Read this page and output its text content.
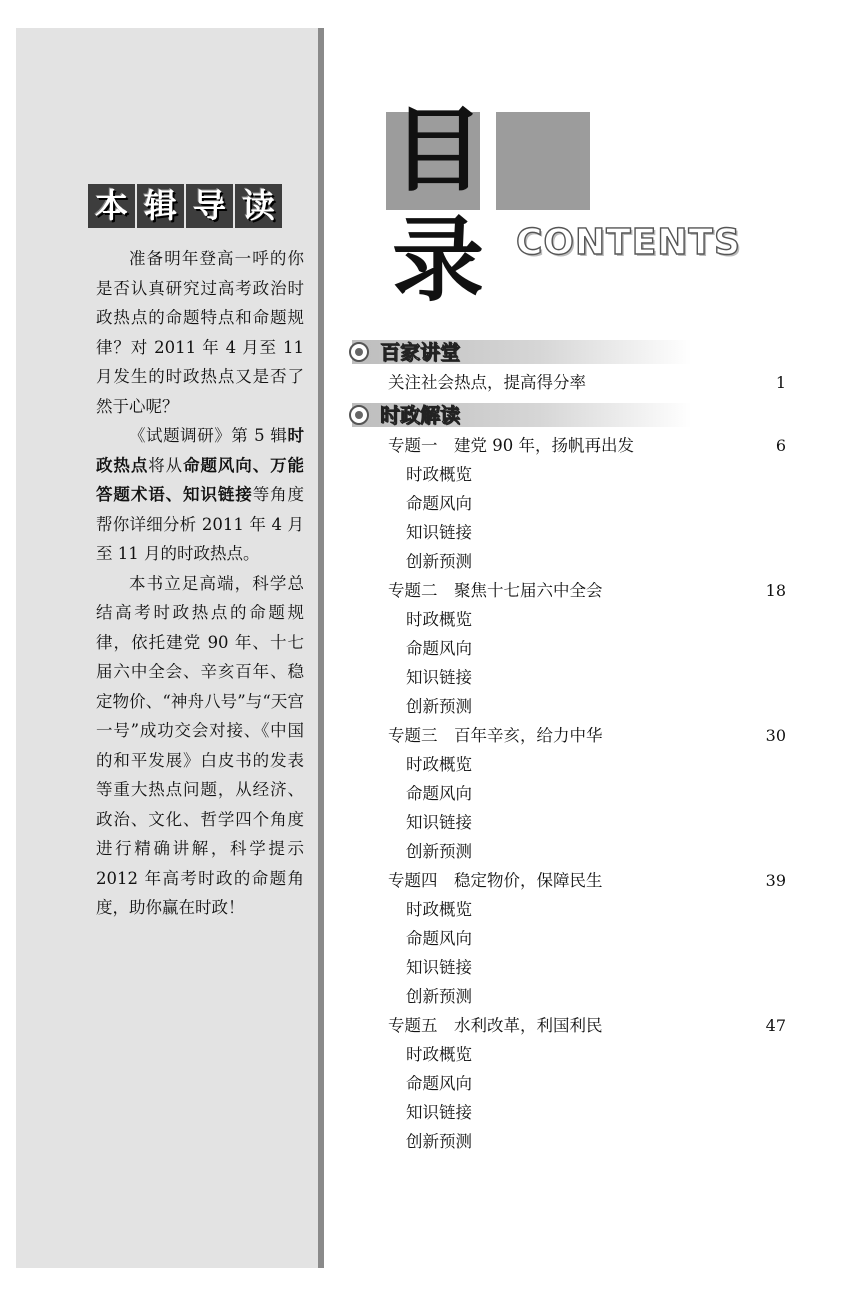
本 辑 导 读

准备明年登高一呼的你是否认真研究过高考政治时政热点的命题特点和命题规律？对 2011 年 4 月至 11 月发生的时政热点又是否了然于心呢？

《试题调研》第 5 辑时政热点将从命题风向、万能答题术语、知识链接等角度帮你详细分析 2011 年 4 月至 11 月的时政热点。

本书立足高端，科学总结高考时政热点的命题规律，依托建党 90 年、十七届六中全会、辛亥百年、稳定物价、“神舟八号”与“天宫一号”成功交会对接、《中国的和平发展》白皮书的发表等重大热点问题，从经济、政治、文化、哲学四个角度进行精确讲解，科学提示 2012 年高考时政的命题角度，助你赢在时政！

目 录
CONTENTS
百家讲堂
关注社会热点，提高得分率	1
时政解读
专题一　建党 90 年，扬帆再出发	6
时政概览
命题风向
知识链接
创新预测
专题二　聚焦十七届六中全会	18
时政概览
命题风向
知识链接
创新预测
专题三　百年辛亥，给力中华	30
时政概览
命题风向
知识链接
创新预测
专题四　稳定物价，保障民生	39
时政概览
命题风向
知识链接
创新预测
专题五　水利改革，利国利民	47
时政概览
命题风向
知识链接
创新预测
